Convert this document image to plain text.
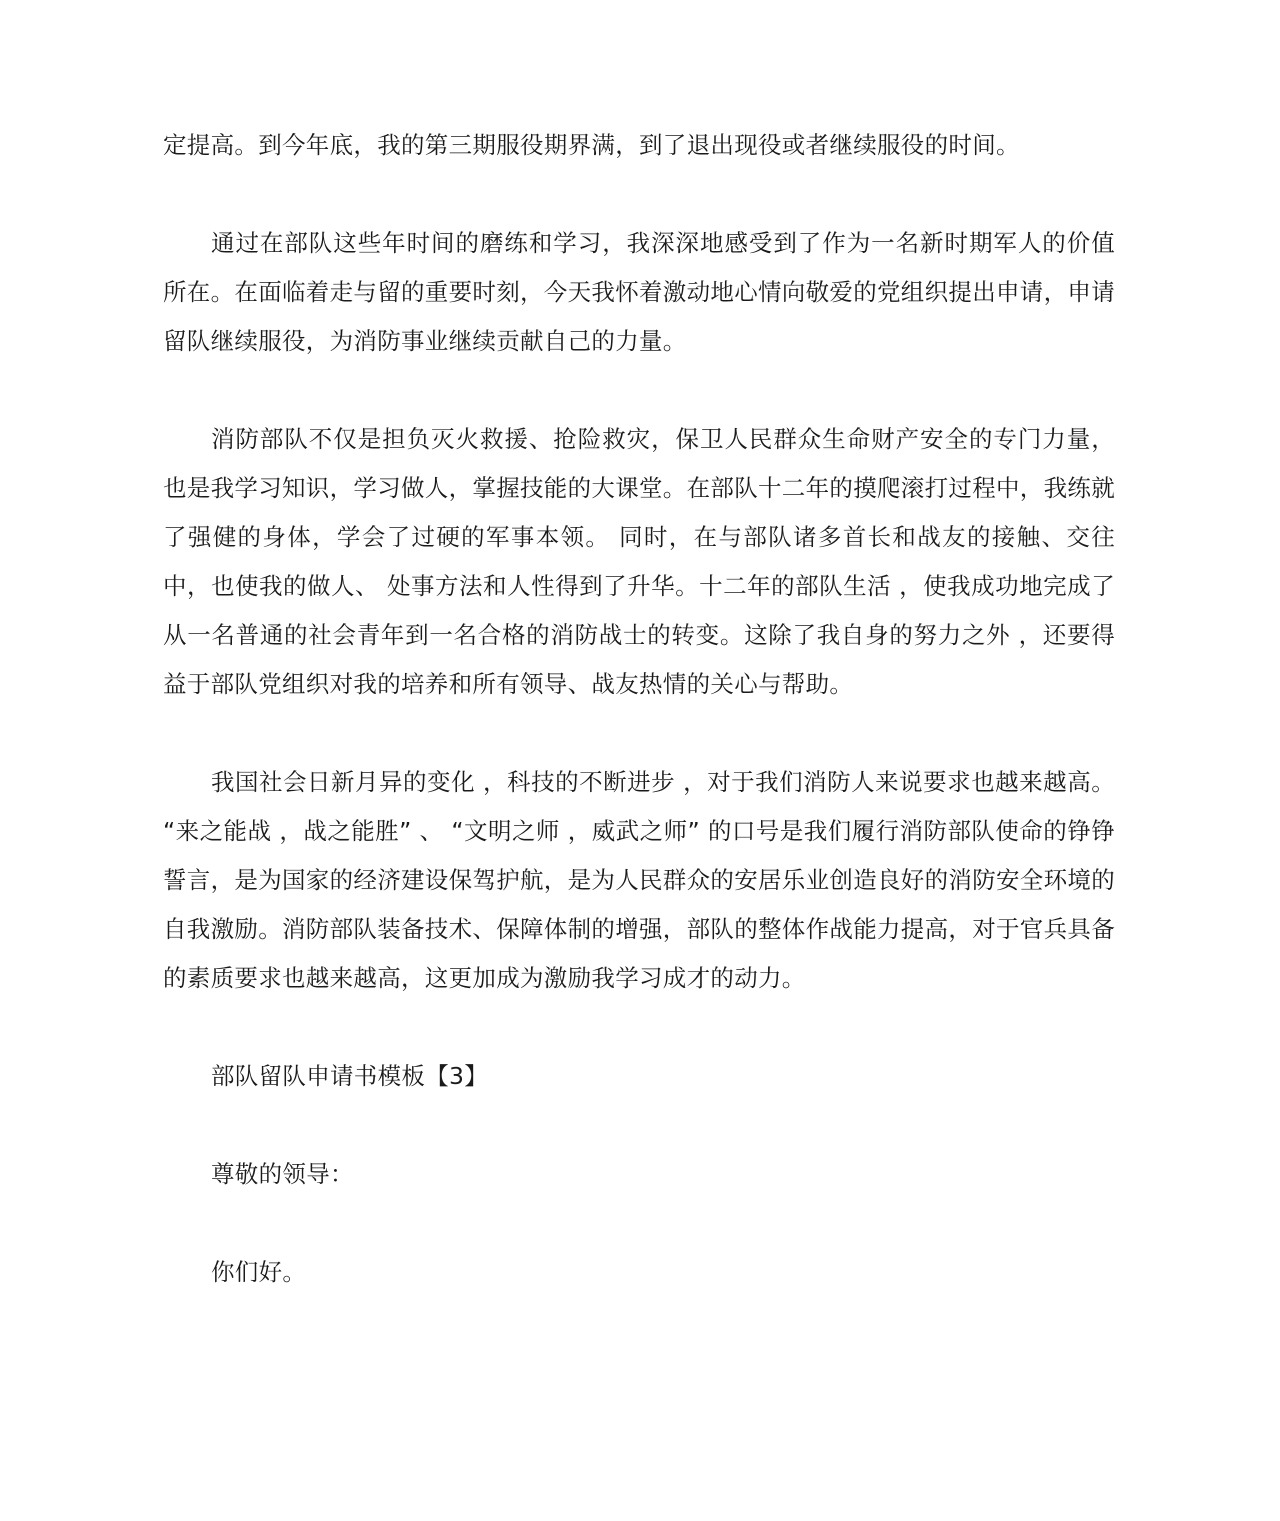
定提高。到今年底，我的第三期服役期界满，到了退出现役或者继续服役的时间。

通过在部队这些年时间的磨练和学习，我深深地感受到了作为一名新时期军人的价值所在。在面临着走与留的重要时刻，今天我怀着激动地心情向敬爱的党组织提出申请，申请留队继续服役，为消防事业继续贡献自己的力量。

消防部队不仅是担负灭火救援、抢险救灾，保卫人民群众生命财产安全的专门力量，也是我学习知识，学习做人，掌握技能的大课堂。在部队十二年的摸爬滚打过程中，我练就了强健的身体，学会了过硬的军事本领。 同时，在与部队诸多首长和战友的接触、交往中，也使我的做人、 处事方法和人性得到了升华。十二年的部队生活 ，使我成功地完成了从一名普通的社会青年到一名合格的消防战士的转变。这除了我自身的努力之外 ，还要得益于部队党组织对我的培养和所有领导、战友热情的关心与帮助。

我国社会日新月异的变化 ，科技的不断进步 ，对于我们消防人来说要求也越来越高。 “来之能战 ，战之能胜” 、 “文明之师 ，威武之师” 的口号是我们履行消防部队使命的铮铮誓言，是为国家的经济建设保驾护航，是为人民群众的安居乐业创造良好的消防安全环境的自我激励。消防部队装备技术、保障体制的增强，部队的整体作战能力提高，对于官兵具备的素质要求也越来越高，这更加成为激励我学习成才的动力。

部队留队申请书模板【3】

尊敬的领导：

你们好。
